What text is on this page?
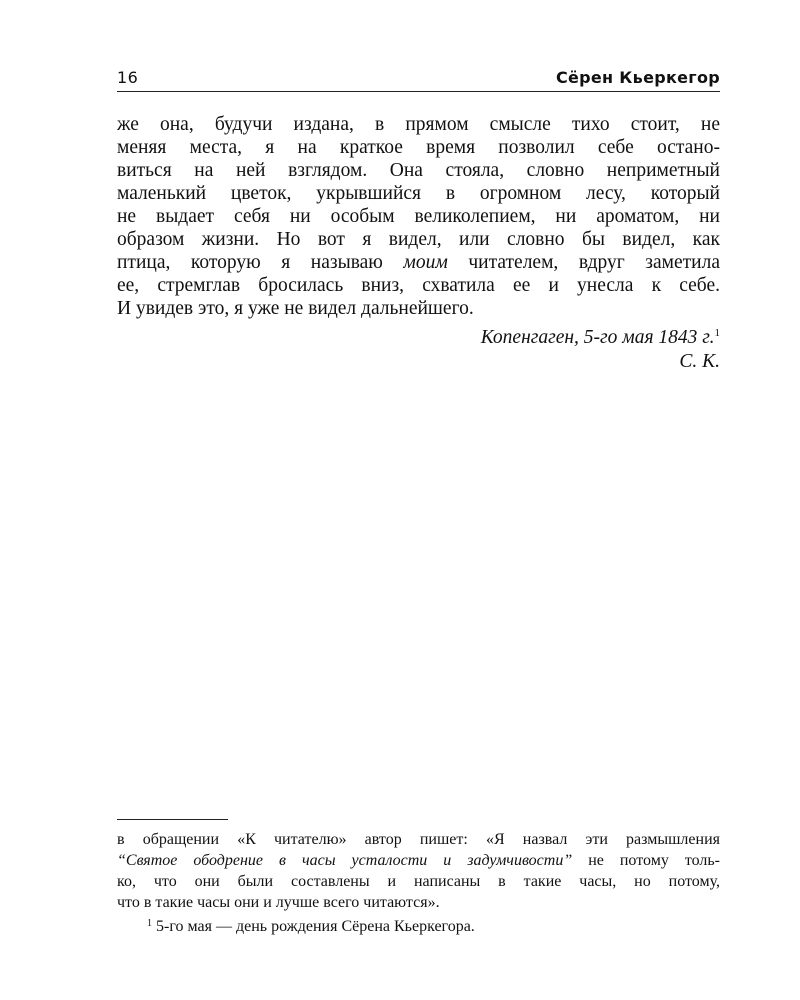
16	Сёрен Кьеркегор
же она, будучи издана, в прямом смысле тихо стоит, не
меняя места, я на краткое время позволил себе остано-
виться на ней взглядом. Она стояла, словно неприметный
маленький цветок, укрывшийся в огромном лесу, который
не выдает себя ни особым великолепием, ни ароматом, ни
образом жизни. Но вот я видел, или словно бы видел, как
птица, которую я называю моим читателем, вдруг заметила
ее, стремглав бросилась вниз, схватила ее и унесла к себе.
И увидев это, я уже не видел дальнейшего.
Копенгаген, 5-го мая 1843 г.$^1$
С. К.
в обращении «К читателю» автор пишет: «Я назвал эти размышления
“Святое ободрение в часы усталости и задумчивости” не потому толь-
ко, что они были составлены и написаны в такие часы, но потому,
что в такие часы они и лучше всего читаются».
$^1$ 5-го мая — день рождения Сёрена Кьеркегора.
